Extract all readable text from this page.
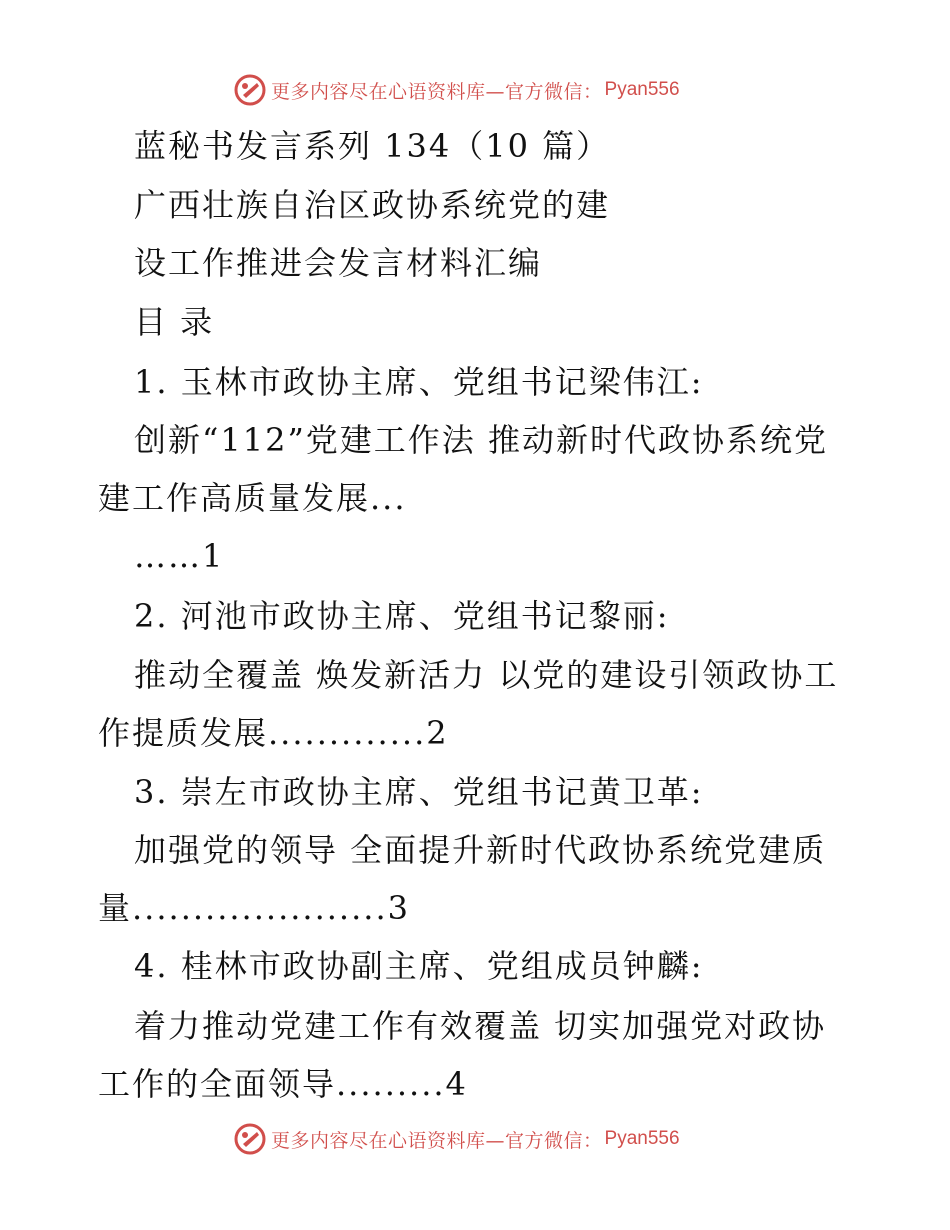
更多内容尽在心语资料库—官方微信： Pyan556
蓝秘书发言系列 134（10 篇）
广西壮族自治区政协系统党的建
设工作推进会发言材料汇编
目 录
1. 玉林市政协主席、党组书记梁伟江:
创新“112”党建工作法 推动新时代政协系统党
建工作高质量发展...
……1
2. 河池市政协主席、党组书记黎丽:
推动全覆盖 焕发新活力 以党的建设引领政协工
作提质发展.............2
3. 崇左市政协主席、党组书记黄卫革:
加强党的领导 全面提升新时代政协系统党建质
量.....................3
4. 桂林市政协副主席、党组成员钟麟:
着力推动党建工作有效覆盖 切实加强党对政协
工作的全面领导.........4
更多内容尽在心语资料库—官方微信： Pyan556
